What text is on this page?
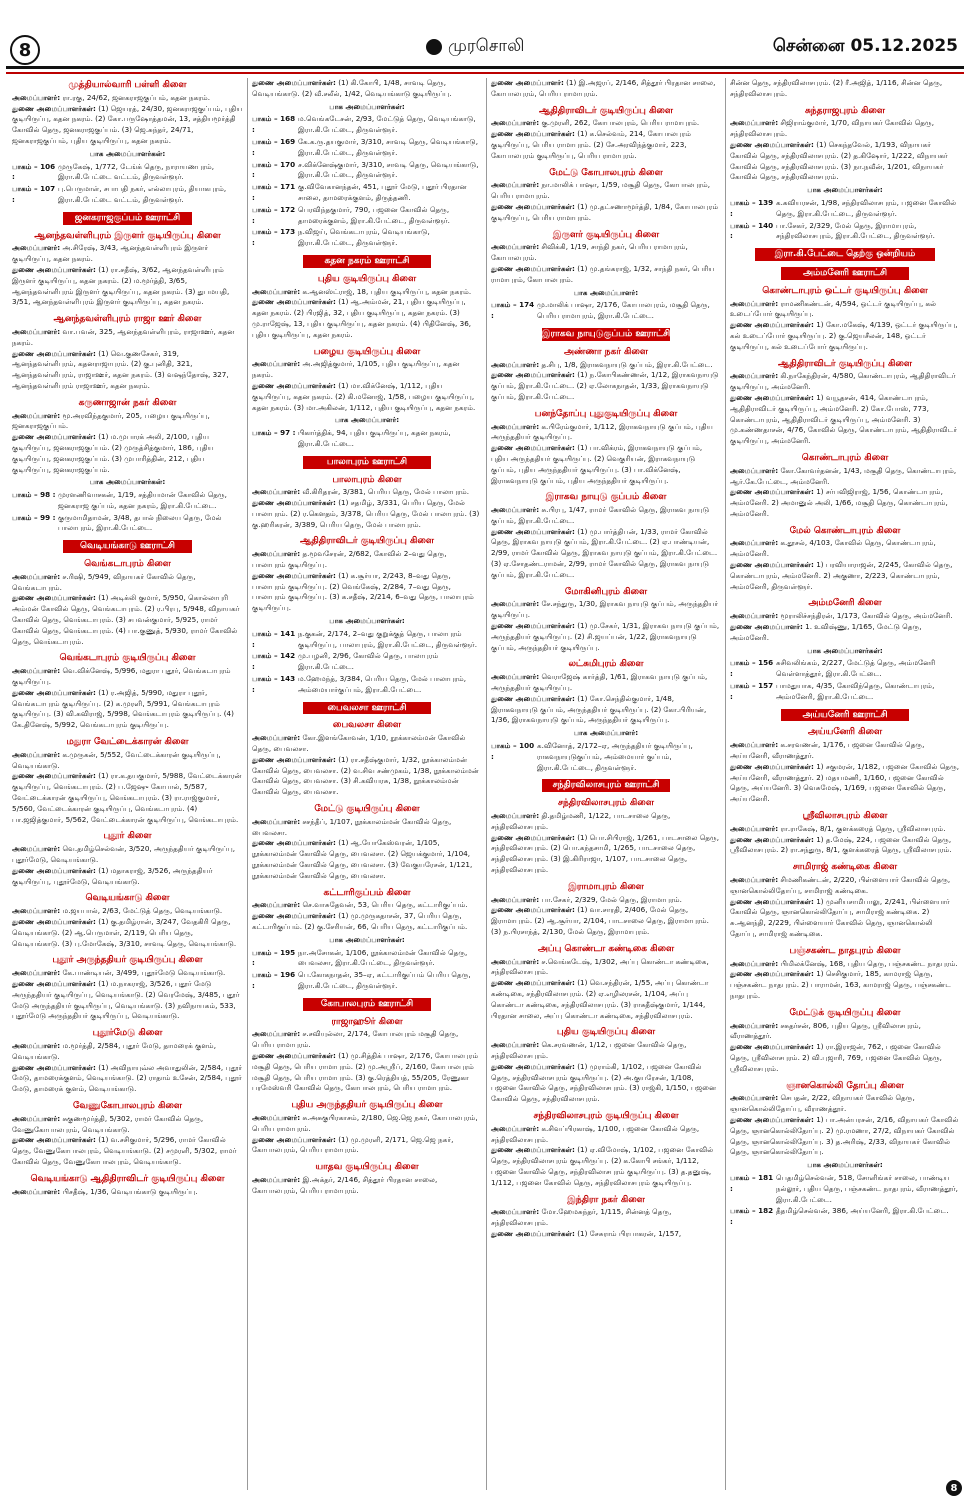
8	முரசொலி	சென்னை 05.12.2025
முத்தியால்வாரி பள்ளி கிளை
அமைப்பாளர்: ரா.ரகு, 24/62, ஜனகராஜகுப்பம், கதன நகரம்.
துணை அமைப்பாளர்கள்: (1) ஜெயரத், 24/30, ஜனகராஜகுப்பம், புதிய குடியிருப்பு, கதன நகரம். (2) கோ.பருஷோத்தமன், 13, சத்தியமூர்த்தி கோவில் தெரு, ஜனகராஜகுப்பம். (3) ஜெ.சுந்தர், 24/71, ஜனகராஜகுப்பம், புதிய குடியிருப்பு, கதன நகரம்.
பாக அமைப்பாளர்கள்:
பாகம் – 106 :
முருகேஷ், 1/772, டேங்க் தெரு, நாராயணபுரம், இரா.கி.பேட்டை வட்டம், திருவள்ளூர்.
பாகம் – 107 :
பு.பெருமாள், சபாபதி நகர், எல்லாபுரம், தியாகபுரம், இரா.கி.பேட்டை வட்டம், திருவள்ளூர்.
ஜனகராஜகுப்பம் ஊராட்சி
ஆனந்தவள்ளிபுரம் இருளர் குடியிருப்பு கிளை
அமைப்பாளர்: அ.சிரேஷ், 3/43, ஆனந்தவள்ளிபுரம் இருளர் குடியிருப்பு, கதன நகரம்.
துணை அமைப்பாளர்கள்: (1) ரா.சதீஷ், 3/62, ஆனந்தவள்ளிபுரம் இருளர் குடியிருப்பு, கதன நகரம். (2) ம.மூர்த்தி, 3/65, ஆனந்தவள்ளிபுரம் இருளர் குடியிருப்பு, கதன நகரம். (3) துபமயதி, 3/51, ஆனந்தவள்ளிபுரம் இருளர் குடியிருப்பு, கதன நகரம்.
ஆனந்தவள்ளிபுரம் ராஜா ஊர் கிளை
அமைப்பாளர்: வா.பவன், 325, ஆனந்தவள்ளிபுரம், ராஜாஊர், கதன நகரம்.
துணை அமைப்பாளர்கள்: (1) வெ.குணசேகர், 319, ஆனந்தவள்ளிபுரம், கதனராஜாபுரம். (2) கு.புனிதி, 321, ஆனந்தவள்ளிபுரம், ராஜாஊர், கதன நகரம். (3) வஷந்தோஷ், 327, ஆனந்தவள்ளிபுரம் ராஜாஊர், கதன நகரம்.
கருணாஜான் நகர் கிளை
அமைப்பாளர்: மூ.அரவிந்தகுமார், 205, பழைய குடியிருப்பு, ஜனகராஜகுப்பம்.
துணை அமைப்பாளர்கள்: (1) ம.முபாரக் அலி, 2/100, புதிய குடியிருப்பு, ஜனகராஜகுப்பம். (2) முருத்சித்குமார், 186, புதிய குடியிருப்பு, ஜனகராஜகுப்பம். (3) முபாரித்தின், 212, புதிய குடியிருப்பு, ஜனகராஜகுப்பம்.
பாக அமைப்பாளர்கள்:
பாகம் – 98 : முரளணிவாசகன், 1/19, சத்தியமான் கோவில் தெரு, ஜனகராஜ குப்பம், கதன நகரம், இரா.கி.பேட்டை.
பாகம் – 99 : குருமாமிதாமன், 3/48, தபால் நிலைய தெரு, மேல் பாலாபுரம், இரா.கி.பேட்டை.
வெடியங்காடு ஊராட்சி
வெங்கடாபுரம் கிளை
அமைப்பாளர்: ச.ரிஷி, 5/949, விநாயகர் கோவில் தெரு, வெங்கடாபுரம்.
துணை அமைப்பாளர்கள்: (1) அடிக்லி குமார், 5/950, கொல்லாபுரி அம்மன் கோவில் தெரு, வெங்கடாபுரம். (2) ர.பிரபு, 5/948, விநாயகர் கோவில் தெரு, வெங்கடாபுரம். (3) சபவன்குமார், 5/925, ராமர் கோவில் தெரு, வெங்கடாபுரம். (4) பா.குணுத், 5/930, ராமர் கோவில் தெரு, வெங்கடாபுரம்.
வெங்கடாபுரம் குடியிருப்பு கிளை
அமைப்பாளர்: வெ.விக்னேஷ், 5/996, மதுரா புதூர், வெங்கடாபுரம் குடியிருப்பு.
துணை அமைப்பாளர்கள்: (1) ர.அஜித், 5/990, மதுரா புதூர், வெங்கடாபுரம் குடியிருப்பு. (2) க.முரளி, 5/991, வெங்கடாபுரம் குடியிருப்பு. (3) வி.கவிராஜ், 5/998, வெங்கடாபுரம் குடியிருப்பு. (4) கே.தினேஷ், 5/992, வெங்கடாபுரம் குடியிருப்பு.
மதுரா வேட்டைக்காரன் கிளை
அமைப்பாளர்: க.முருகன், 5/552, வேட்டைக்காரன் குடியிருப்பு, வெடியங்காடு.
துணை அமைப்பாளர்கள்: (1) ரா.க.தயகுமார், 5/988, வேட்டைக்காரன் குடியிருப்பு, வெங்கடாபுரம். (2) ப.ஜேஷு கோபால், 5/587, வேட்டைக்காரன் குடியிருப்பு, வெங்கடாபுரம். (3) ரா.ராஜ்குமார், 5/560, வேட்டைக்காரன் குடியிருப்பு, வெங்கடாபுரம். (4) பா.ஜஜித்குமார், 5/562, வேட்டைக்காரன் குடியிருப்பு, வெங்கடாபுரம்.
புதூர் கிளை
அமைப்பாளர்: வெ.தமிழ்செல்வன், 3/520, அருந்ததியர் குடியிருப்பு, புதூர்மேடு, வெடியங்காடு.
துணை அமைப்பாளர்கள்: (1) மதாகராஜ், 3/526, அருந்ததியர் குடியிருப்பு, புதூர்மேடு, வெடியங்காடு.
வெடியங்காடு கிளை
அமைப்பாளர்: ம.ஜயபால், 2/63, மேட்டுத் தெரு, வெடியங்காடு.
துணை அமைப்பாளர்கள்: (1) கு.தமிழ்ரான், 3/247, வேதகிரி தெரு, வெடியங்காடு. (2) ஆ.பெருமாள், 2/119, பெரிய தெரு, வெடியங்காடு. (3) பு.மோகேஷ், 3/310, சாவடி தெரு, வெடியங்காடு.
புதூர் அருந்ததியர் குடியிருப்பு கிளை
அமைப்பாளர்: கே.பாண்டியன், 3/499, புதூர்மேடு வெடியங்காடு.
துணை அமைப்பாளர்கள்: (1) ம.நாகராஜ், 3/526, புதூர் மேடு அருந்ததியர் குடியிருப்பு, வெடியங்காடு. (2) வெரமேஷ், 3/485, புதூர் மேடு அருந்ததியர் குடியிருப்பு, வெடியங்காடு. (3) நவிநாயகம், 533, புதூர்மேடு அருந்ததியர் குடியிருப்பு, வெடியங்காடு.
புதூர்மேடு கிளை
அமைப்பாளர்: ம.மூர்த்தி, 2/584, புதூர் மேடு, தாமரைக் குளம், வெடியங்காடு.
துணை அமைப்பாளர்கள்: (1) அவிநாயுவ்ல அவாதுலின், 2/584, புதூர் மேடு, தாமரைக்குளம், வெடியங்காடு. (2) ராதாம் உசேன், 2/584, புதூர் மேடு, தாமரைக் குளம், வெடியங்காடு.
வேணுகோபாலபுரம் கிளை
அமைப்பாளர்: சுகுணமூர்த்தி, 5/302, ராமர் கோவில் தெரு, வேணுகோபாலபுரம், வெடியங்காடு.
துணை அமைப்பாளர்கள்: (1) வ.சசிகுமார், 5/296, ராமர் கோவில் தெரு, வேணுகோபாலபுரம், வெடியங்காடு. (2) சமுரளி, 5/302, ராமர் கோவில் தெரு, வேணுகோபாலபுரம், வெடியங்காடு.
வெடியங்காடு ஆதிதிராவிடர் குடியிருப்பு கிளை
அமைப்பாளர்: பிசதீஷ், 1/36, வெடியங்காடு குடியிருப்பு.
துணை அமைப்பாளர்கள்: (1) கி.கோபி, 1/48, சாவடி தெரு, வெடியங்காடு. (2) வீ.சலீல், 1/42, வெடியங்காடு குடியிருப்பு.
பாக அமைப்பாளர்கள்:
பாகம் – 168 :
ம.வெங்கடேசன், 2/93, மேட்டுத் தெரு, வெடியங்காடு, இரா.கி.பேட்டை, திருவள்ளூர்.
பாகம் – 169 :
கே.க.ரு.தயகுமார், 3/310, சாவடி தெரு, வெடியங்காடு, இரா.கி.பேட்டை, திருவள்ளூர்.
பாகம் – 170 :
ச.விக்னேஷ்குமார், 3/310, சாவடி தெரு, வெடியங்காடு, இரா.கி.பேட்டை, திருவள்ளூர்.
பாகம் – 171 :
கு.விவேகானந்தன், 451, புதூர் மேடு, புதூர் பிரதான சாலை, தாமரைக்குளம், திருத்தணி.
பாகம் – 172 :
பெரவிந்தகுமார், 790, பஜனை கோவில் தெரு, தாமரைக்குளம், இரா.கி.பேட்டை, திருவள்ளூர்.
பாகம் – 173 :
ந.விஜய், வெங்கடாபுரம், வெடியங்காடு, இரா.கி.பேட்டை, திருவள்ளூர்.
கதன நகரம் ஊராட்சி
புதிய குடியிருப்பு கிளை
அமைப்பாளர்: க.ஆனஸ்ட்ராஜ், 18, புதிய குடியிருப்பு, கதன நகரம்.
துணை அமைப்பாளர்கள்: (1) ஆ.அம்மன், 21, புதிய குடியிருப்பு, கதன நகரம். (2) பிரஜித், 32, புதிய குடியிருப்பு, கதன நகரம். (3) மு.ராஜேஷ், 13, புதிய குடியிருப்பு, கதன நகரம். (4) பிதினேஷ், 36, புதிய குடியிருப்பு, கதன நகரம்.
பழைய குடியிருப்பு கிளை
அமைப்பாளர்: அ.அஜித்குமார், 1/105, புதிய குடியிருப்பு, கதன நகரம்.
துணை அமைப்பாளர்கள்: (1) மா.விக்னேஷ், 1/112, புதிய குடியிருப்பு, கதன நகரம். (2) கி.மனோஜ், 1/58, பழைய குடியிருப்பு, கதன நகரம். (3) மா.அகிலன், 1/112, புதிய குடியிருப்பு, கதன நகரம்.
பாக அமைப்பாளர்:
பாகம் – 97 : பிகார்த்திக், 94, புதிய குடியிருப்பு, கதன நகரம், இரா.கி.பேட்டை.
பாலாபுரம் ஊராட்சி
பாலாபுரம் கிளை
அமைப்பாளர்: வீ.கிரிதரன், 3/381, பெரிய தெரு, மேல் பாலாபுரம்.
துணை அமைப்பாளர்கள்: (1) சதமிழ், 3/331, பெரிய தெரு, மேல் பாலாபுரம். (2) ர.கெளதம், 3/378, பெரிய தெரு, மேல் பாலாபுரம். (3) கு.ஹரிகரன், 3/389, பெரிய தெரு, மேல் பாலாபுரம்.
ஆதிதிராவிடர் குடியிருப்பு கிளை
அமைப்பாளர்: த.மூவசேரன், 2/682, கோவில் 2–வது தெரு, பாலாபுரம் குடியிருப்பு.
துணை அமைப்பாளர்கள்: (1) க.சூர்யா, 2/243, 8–வது தெரு, பாலாபுரம் குடியிருப்பு. (2) வெங்கேஷ், 2/284, 7–வது தெரு, பாலாபுரம் குடியிருப்பு. (3) க.சதீஷ், 2/214, 6–வது தெரு, பாலாபுரம் குடியிருப்பு.
பாக அமைப்பாளர்கள்:
பாகம் – 141 :
ந.குகன், 2/174, 2–வது குறுக்குத் தெரு, பாலாபுரம் குடியிருப்பு, பாலாபுரம், இரா.கி.பேட்டை, திருவள்ளூர்.
பாகம் – 142 :
மு.பழனி, 2/96, கோவில் தெரு, பாலாபுரம் இரா.கி.பேட்டை.
பாகம் – 143 :
ம.ஹேமந்த், 3/384, பெரிய தெரு, மேல் பாலாபுரம், அம்மையார்குப்பம், இரா.கி.பேட்டை.
பைவலசா ஊராட்சி
பைவலசா கிளை
அமைப்பாளர்: கோ.இளங்கோவன், 1/10, நூக்காலம்மன் கோவில் தெரு, பைவலசா.
துணை அமைப்பாளர்கள்: (1) ரா.சதீஷ்குமார், 1/32, நூக்காலம்மன் கோவில் தெரு, பைவலசா. (2) வ.சிவ சண்முகம், 1/38, நூக்காலம்மன் கோவில் தெரு, பைவலசா. (3) சி.கவியரசு, 1/38, நூக்காலம்மன் கோவில் தெரு, பைவலசா.
மேட்டு குடியிருப்பு கிளை
அமைப்பாளர்: சசந்தீப், 1/107, நூக்காலம்மன் கோவில் தெரு, பைவலசா.
துணை அமைப்பாளர்கள்: (1) ஆ.யோகேஸ்வரன், 1/105, நூக்காலம்மன் கோவில் தெரு, பைவலசா. (2) ஜெயக்குமார், 1/104, நூக்காலம்மன் கோவில் தெரு, பைவலசா. (3) வேகுயரேசன், 1/121, நூக்காலம்மன் கோவில் தெரு, பைவலசா.
கட்டாரிகுப்பம் கிளை
அமைப்பாளர்: செ.வாசுதேவன், 53, பெரிய தெரு, கட்டாரிகுப்பம்.
துணை அமைப்பாளர்கள்: (1) மு.முருகதாசன், 37, பெரிய தெரு, கட்டாரிகுப்பம். (2) கு.சேரியன், 66, பெரிய தெரு, கட்டாரிகுப்பம்.
பாக அமைப்பாளர்கள்:
பாகம் – 195 :
நா.அசோகன், 1/106, நூக்காலம்மன் கோவில் தெரு, பைவலசா, இரா.கி.பேட்டை, திருவள்ளூர்.
பாகம் – 196 :
பெ.கோகநாதன், 35–ஏ, கட்டாரிகுப்பம் பெரிய தெரு, இரா.கி.பேட்டை, திருவள்ளூர்.
கோபாலபுரம் ஊராட்சி
ராஜாஹூர் கிளை
அமைப்பாளர்: ச.சவியுல்லா, 2/174, கோபாலபுரம் மசூதி தெரு, பெரிய ராமாபுரம்.
துணை அமைப்பாளர்கள்: (1) மு.சித்திக் பாஷா, 2/176, கோபாலபுரம் மசூதி தெரு, பெரிய ராமாபுரம். (2) மு.அஸ்ரீப், 2/160, கோபாலபுரம் மசூதி தெரு, பெரிய ராமாபுரம். (3) கு.ரெத்தியத், 55/205, ரேணுகா பரமேஸ்வரி கோவில் தெரு, கோபாலபுரம், பெரிய ராமாபுரம்.
புதிய அருந்ததியர் குடியிருப்பு கிளை
அமைப்பாளர்: சு.அசுகுபிரகாசம், 2/180, ஜெ.ஜெ நகர், கோபாலபுரம், பெரிய ராமாபுரம்.
துணை அமைப்பாளர்கள்: (1) மு.முரளி, 2/171, ஜெ.ஜெ நகர், கோபாலபுரம், பெரிய ராமாபுரம்.
யாதவ குடியிருப்பு கிளை
அமைப்பாளர்: இ.அக்தர், 2/146, சித்தூர் பிரதான சாலை, கோபாலபுரம், பெரிய ராமாபுரம்.
துணை அமைப்பாளர்: (1) இ.அஜரப், 2/146, சித்தூர் பிரதான சாலை, கோபாலபுரம், பெரிய ராமாபுரம்.
ஆதிதிராவிடர் குடியிருப்பு கிளை
அமைப்பாளர்: கு.முரளி, 262, கோபாலபுரம், பெரிய ராமாபுரம்.
துணை அமைப்பாளர்கள்: (1) க.செல்வம், 214, கோபாலபுரம் குடியிருப்பு, பெரிய ராமாபுரம். (2) சே.அரவிந்த்குமார், 223, கோபாலபுரம் குடியிருப்பு, பெரிய ராமாபுரம்.
மேட்டு கோபாலபுரம் கிளை
அமைப்பாளர்: நா.மாலிக் பாஷா, 1/59, மசூதி தெரு, கோபாலபுரம், பெரிய ராமாபுரம்.
துணை அமைப்பாளர்கள்: (1) மு.தட்சணாமூர்த்தி, 1/84, கோபாலபுரம் குடியிருப்பு, பெரிய ராமாபுரம்.
இருளர் குடியிருப்பு கிளை
அமைப்பாளர்: சிவிக்கி, 1/19, சாந்தி நகர், பெரிய ராமாபுரம், கோபாலபுரம்.
துணை அமைப்பாளர்கள்: (1) மு.தங்கராஜ், 1/32, சாந்தி நகர், பெரிய ராமாபுரம், கோபாலபுரம்.
பாக அமைப்பாளர்:
பாகம் – 174 :
மு.மாலிக் பாஷா, 2/176, கோபாலபுரம், மசூதி தெரு, பெரிய ராமாபுரம், இரா.கி.பேட்டை.
இராகவ நாயுடுகுப்பம் ஊராட்சி
அண்ணா நகர் கிளை
அமைப்பாளர்: த.சிபு, 1/8, இராகவநாயுடு குப்பம், இரா.கி.பேட்டை.
துணை அமைப்பாளர்கள்: (1) ந.கோபிகண்ணன், 1/12, இராகவநாயுடு குப்பம், இரா.கி.பேட்டை. (2) ஏ.லோகநாதன், 1/33, இராகவநாயுடு குப்பம், இரா.கி.பேட்டை.
பனந்தோப்பு புதுகுடியிருப்பு கிளை
அமைப்பாளர்: க.பிரேம்குமார், 1/112, இராகவநாயுடு குப்பம், புதிய அருந்ததியர் குடியிருப்பு.
துணை அமைப்பாளர்கள்: (1) பா.விக்ரம், இராகவநாயுடு குப்பம், புதிய அருந்ததியர் குடியிருப்பு. (2) வெகுரியன், இராகவநாயுடு குப்பம், புதிய அருந்ததியர் குடியிருப்பு. (3) பா.விக்னேஷ், இராகவநாயுடு குப்பம், புதிய அருந்ததியர் குடியிருப்பு.
இராகவ நாயுடு குப்பம் கிளை
அமைப்பாளர்: சு.பிரபு, 1/47, ராமர் கோவில் தெரு, இராகவ நாயுடு குப்பம், இரா.கி.பேட்டை.
துணை அமைப்பாளர்கள்: (1) மு.பார்த்திபன், 1/33, ராமர் கோவில் தெரு, இராகவ நாயுடு குப்பம், இரா.கி.பேட்டை. (2) ஏ.பாண்டியன், 2/99, ராமர் கோவில் தெரு, இராகவ நாயுடு குப்பம், இரா.கி.பேட்டை. (3) ஏ.சோதண்டராமன், 2/99, ராமர் கோவில் தெரு, இராகவ நாயுடு குப்பம், இரா.கி.பேட்டை.
மோகினிபுரம் கிளை
அமைப்பாளர்: சே.சந்துரு, 1/30, இராகவ நாயுடு குப்பம், அருந்ததியர் குடியிருப்பு.
துணை அமைப்பாளர்கள்: (1) மு.சேகர், 1/31, இராகவ நாயுடு குப்பம், அருந்ததியர் குடியிருப்பு. (2) சி.ஜயப்பன், 1/22, இராகவநாயுடு குப்பம், அருந்ததியர் குடியிருப்பு.
லட்சுமிபுரம் கிளை
அமைப்பாளர்: வெராஜேஷ் கார்த்தி, 1/61, இராகவ நாயுடு குப்பம், அருந்ததியர் குடியிருப்பு.
துணை அமைப்பாளர்கள்: (1) கோ.செந்தில்குமார், 1/48, இராகவநாயுடு குப்பம், அருந்ததியர் குடியிருப்பு. (2) கோ.பிரியன், 1/36, இராகவநாயுடு குப்பம், அருந்ததியர் குடியிருப்பு.
பாக அமைப்பாளர்:
பாகம் – 100 :
க.வினோத், 2/172–ஏ, அருந்ததியர் குடியிருப்பு, ராகவநாயுடுகுப்பம், அம்மையார் குப்பம், இரா.கி.பேட்டை, திருவள்ளூர்.
சந்திரவிலாசபுரம் ஊராட்சி
சந்திரவிலாசபுரம் கிளை
அமைப்பாளர்: தி.தமிழ்மணி, 1/122, பாடசாலை தெரு, சந்திரவிலாசபுரம்.
துணை அமைப்பாளர்கள்: (1) பொ.சிபிராஜ், 1/261, பாடசாலை தெரு, சந்திரவிலாசபுரம். (2) பொ.கந்தசாமி, 1/265, பாடசாலை தெரு, சந்திரவிலாசபுரம். (3) இ.கிரிராஜா, 1/107, பாடசாலை தெரு, சந்திரவிலாசபுரம்.
இராமாபுரம் கிளை
அமைப்பாளர்: பா.சேகர், 2/329, மேல் தெரு, இராமாபுரம்.
துணை அமைப்பாளர்கள்: (1) வா.சாரதி, 2/406, மேல் தெரு, இராமாபுரம். (2) ஆ.சூர்யா, 2/104, பாடசாலை தெரு, இராமாபுரம். (3) ந.பிரசாந்த், 2/130, மேல் தெரு, இராமாபுரம்.
அப்பு கொண்டா கண்டிகை கிளை
அமைப்பாளர்: ச.வெங்கடேஷ், 1/302, அப்பு கொண்டா கண்டிகை, சந்திரவிலாசபுரம்.
துணை அமைப்பாளர்கள்: (1) வெ.சந்திரன், 1/55, அப்பு கொண்டா கண்டிகை, சந்திரவிலாசபுரம். (2) ஏ.எழிலரசன், 1/104, அப்பு கொண்டா கண்டிகை, சந்திரவிலாசபுரம். (3) ராசுதீஷ்குமார், 1/144, பிரதான சாலை, அப்பு கொண்டா கண்டிகை, சந்திரவிலாசபுரம்.
புதிய குடியிருப்பு கிளை
அமைப்பாளர்: கெ.சரவணன், 1/12, பஜனை கோவில் தெரு, சந்திரவிலாசபுரம்.
துணை அமைப்பாளர்கள்: (1) முராம்கி, 1/102, பஜனை கோவில் தெரு, சந்திரவிலாசபுரம் குடியிருப்பு. (2) அ.குயரேசன், 1/108, பஜனை கோவில் தெரு, சந்திரவிலாசபுரம். (3) ராஜ்கி, 1/150, பஜனை கோவில் தெரு, சந்திரவிலாசபுரம்.
சந்திரவிலாசபுரம் குடியிருப்பு கிளை
அமைப்பாளர்: க.சிவப்பிரகாஷ், 1/100, பஜனை கோவில் தெரு, சந்திரவிலாசபுரம்.
துணை அமைப்பாளர்கள்: (1) ஏ.விமோஷ், 1/102, பஜனை கோவில் தெரு, சந்திரவிலாசபுரம் குடியிருப்பு. (2) க.கோபி சங்கர், 1/112, பஜனை கோவில் தெரு, சந்திரவிலாசபுரம் குடியிருப்பு. (3) த.தனுஷ், 1/112, பஜனை கோவில் தெரு, சந்திரவிலாசபுரம் குடியிருப்பு.
இந்திரா நகர் கிளை
அமைப்பாளர்: மோ.ஹேமசுந்தர், 1/115, சின்னத் தெரு, சந்திரவிலாசபுரம்.
துணை அமைப்பாளர்கள்: (1) சேசுராம் பிரபாகரன், 1/157,
சின்ன தெரு, சந்திரவிலாசபுரம். (2) ரீ.அஜித், 1/116, சின்ன தெரு, சந்திரவிலாசபுரம்.
சுந்தராஜபுரம் கிளை
அமைப்பாளர்: சிஜிராம்குமார், 1/70, விநாயகர் கோவில் தெரு, சந்திரவிலாசபுரம்.
துணை அமைப்பாளர்கள்: (1) செகந்தவேல், 1/193, விநாயகர் கோவில் தெரு, சந்திரவிலாசபுரம். (2) த.கிஷோர், 1/222, விநாயகர் கோவில் தெரு, சந்திரவிலாசபுரம். (3) நா.நவீன், 1/201, விநாயகர் கோவில் தெரு, சந்திரவிலாசபுரம்.
பாக அமைப்பாளர்கள்:
பாகம் – 139 :
க.கவியரசன், 1/98, சந்திரவிலாசபுரம், பஜனை கோவில் தெரு, இரா.கி.பேட்டை, திருவள்ளூர்.
பாகம் – 140 :
பா.சேகர், 2/329, மேல் தெரு, இராமாபுரம், சந்திரவிலாசபுரம், இரா.கி.பேட்டை, திருவள்ளூர்.
இரா.கி.பேட்டை தெற்கு ஒன்றியம்
அம்மனேரி ஊராட்சி
கொண்டாபுரம் ஒட்டர் குடியிருப்பு கிளை
அமைப்பாளர்: ராமணிகண்டன், 4/594, ஒட்டர் குடியிருப்பு, கல் உடைப்போர் குடியிருப்பு.
துணை அமைப்பாளர்கள்: 1) கோ.மகேஷ், 4/139, ஒட்டர் குடியிருப்பு, கல் உடைப்போர் குடியிருப்பு. 2) கு.ஜெயசீலன், 148, ஒட்டர் குடியிருப்பு, கல் உடைப்போர் குடியிருப்பு.
ஆதிதிராவிடர் குடியிருப்பு கிளை
அமைப்பாளர்: கி.நாகேந்திரன், 4/580, கொண்டாபுரம், ஆதிதிராவிடர் குடியிருப்பு, அம்மனேரி.
துணை அமைப்பாளர்கள்: 1) வயூதசன், 414, கொண்டாபுரம், ஆதிதிராவிடர் குடியிருப்பு, அம்மனேரி. 2) கோ.போஸ், 773, கொண்டாபுரம், ஆதிதிராவிடர் குடியிருப்பு, அம்மனேரி. 3) மு.கண்ணதாசன், 4/76, கோவில் தெரு, கொண்டாபுரம், ஆதிதிராவிடர் குடியிருப்பு, அம்மனேரி.
கொண்டாபுரம் கிளை
அமைப்பாளர்: கோ.கோவர்தனன், 1/43, மசூதி தெரு, கொண்டாபுரம், ஆர்.கே.பேட்டை, அம்மனேரி.
துணை அமைப்பாளர்கள்: 1) சர்பவிஜிராஜ், 1/56, கொண்டாபுரம், அம்மனேரி. 2) அமானுல் அலி, 1/66, மசூதி தெரு, கொண்டாபுரம், அம்மனேரி.
மேல் கொண்டாபுரம் கிளை
அமைப்பாளர்: க.தூசல், 4/103, கோவில் தெரு, கொண்டாபுரம், அம்மனேரி.
துணை அமைப்பாளர்கள்: 1) பரவியாராஜன், 2/245, கோவில் தெரு, கொண்டாபுரம், அம்மனேரி. 2) அகுணா, 2/223, கொண்டாபுரம், அம்மனேரி, திருவள்ளூர்.
அம்மனேரி கிளை
அமைப்பாளர்: மூராலிச்சந்திரன், 1/173, கோவில் தெரு, அம்மனேரி.
துணை அமைப்பாளர்: 1. உவிஷ்ணு, 1/165, மேட்டு தெரு, அம்மனேரி.
பாக அமைப்பாளர்கள்:
பாகம் – 156 :
சுசிவலிங்கம், 2/227, மேட்டுத் தெரு, அம்மனேரி வெள்ளாத்தூர், இரா.கி.பேட்டை.
பாகம் – 157 :
பாமதுயாக, 4/35, கோவிந்தெரு, கொண்டாபுரம், அம்மனேரி, இரா.கி.பேட்டை.
அய்யனேரி ஊராட்சி
அய்யனேரி கிளை
அமைப்பாளர்: க.சரவணன், 1/176, பஜனை கோவில் தெரு, அய்யனேரி, வீராணத்தூர்.
துணை அமைப்பாளர்கள்: 1) சகுமரன், 1/182, பஜனை கோவில் தெரு, அய்யனேரி, வீராணத்தூர். 2) மதயமணி, 1/160, பஜனை கோவில் தெரு, அய்யனேரி. 3) வெசுமேஷ், 1/169, பஜனை கோவில் தெரு, அய்யனேரி.
ஸ்ரீவிலாசபுரம் கிளை
அமைப்பாளர்: ரா.ராகேஷ், 8/1, குளக்கரைத் தெரு, ஸ்ரீவிலாசபுரம்.
துணை அமைப்பாளர்கள்: 1) த.மேஷ், 224, பஜனை கோவில் தெரு, ஸ்ரீவிலாசபுரம். 2) ரா.சந்துரு, 8/1, குளக்கரைத் தெரு, ஸ்ரீவிலாசபுரம்.
சாமிராஜ் கண்டிகை கிளை
அமைப்பாளர்: சிமணிகண்டன், 2/220, பிள்ளையார் கோவில் தெரு, ஞானகொல்லிதோப்பு, சாமிராஜ் கண்டிகை.
துணை அமைப்பாளர்கள்: 1) முனியசாமிபாலு, 2/241, பிள்ளையார் கோவில் தெரு, ஞானகொல்லிதோப்பு, சாமிராஜ் கண்டிகை. 2) சு.ஆனந்தி, 2/229, பிள்ளையார் கோவில் தெரு, ஞானகொல்லி தோப்பு, சாமிராஜ் கண்டிகை.
பஞ்சகண்ட நாதபுரம் கிளை
அமைப்பாளர்: பிமிலக்னேஷ், 168, புதிய தெரு, பஞ்சகண்ட நாதபுரம்.
துணை அமைப்பாளர்கள்: 1) செசிகுமார், 185, காமராஜ் தெரு, பஞ்சகண்ட நாதபுரம். 2) பாராமன், 163, காமராஜ் தெரு, பஞ்சகண்ட நாதபுரம்.
மேட்டுக் குடியிருப்பு கிளை
அமைப்பாளர்: சசுதர்சன், 806, புதிய தெரு, ஸ்ரீவிலாசபுரம், வீராணத்தூர்.
துணை அமைப்பாளர்கள்: 1) ரா.இராஜன், 762, பஜனை கோவில் தெரு, ஸ்ரீவிலாசபுரம். 2) வி.புஜாரி, 769, பஜனை கோவில் தெரு, ஸ்ரீவிலாசபுரம்.
ஞானகொல்லி தோப்பு கிளை
அமைப்பாளர்: செபதன், 2/22, விநாயகர் கோவில் தெரு, ஞானகொல்லிதோப்பு, வீராணத்தூர்.
துணை அமைப்பாளர்கள்: 1) பா.அன்பரசன், 2/16, விநாயகர் கோவில் தெரு, ஞானகொல்லிதோப்பு. 2) மு.ரமணா, 27/2, விநாயகர் கோவில் தெரு, ஞானகொல்லிதோப்பு. 3) த.அரிஷ், 2/33, விநாயகர் கோவில் தெரு, ஞானகொல்லிதோப்பு.
பாக அமைப்பாளர்கள்:
பாகம் – 181 :
பெதமிழ்செல்வன், 518, சோளிங்கர் சாலை, பாண்டிய நல்லூர், புதிய தெரு, பஞ்சகண்ட நாதபுரம், வீராணத்தூர், இரா.கி.பேட்டை.
பாகம் – 182 :
தீதமிழ்செல்வன், 386, அய்யனேரி, இரா.கி.பேட்டை.
8
